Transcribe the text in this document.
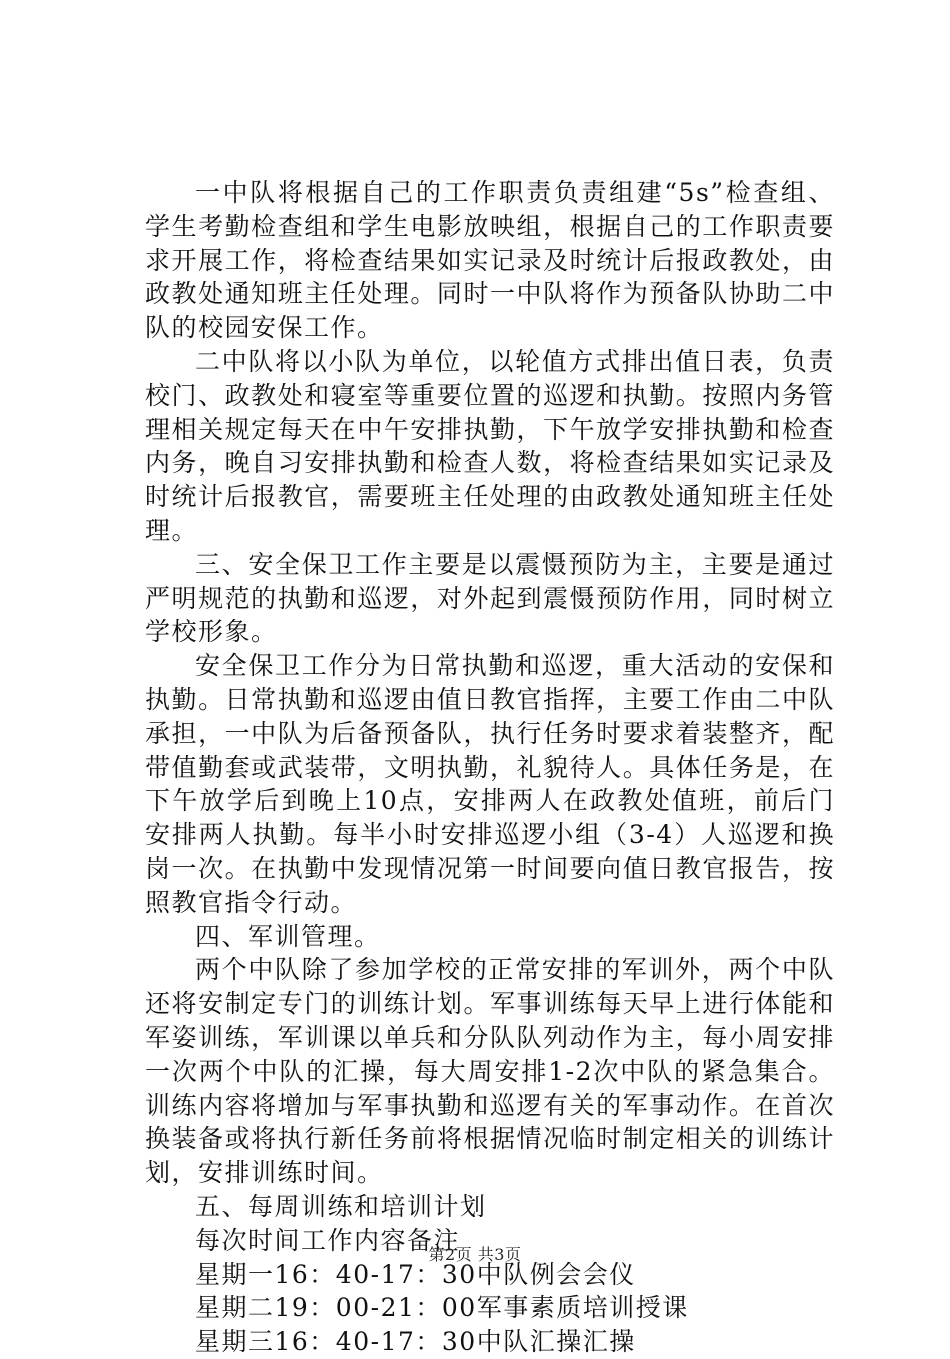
一中队将根据自己的工作职责负责组建“5s”检查组、学生考勤检查组和学生电影放映组，根据自己的工作职责要求开展工作，将检查结果如实记录及时统计后报政教处，由政教处通知班主任处理。同时一中队将作为预备队协助二中队的校园安保工作。

二中队将以小队为单位，以轮值方式排出值日表，负责校门、政教处和寝室等重要位置的巡逻和执勤。按照内务管理相关规定每天在中午安排执勤，下午放学安排执勤和检查内务，晚自习安排执勤和检查人数，将检查结果如实记录及时统计后报教官，需要班主任处理的由政教处通知班主任处理。

三、安全保卫工作主要是以震慑预防为主，主要是通过严明规范的执勤和巡逻，对外起到震慑预防作用，同时树立学校形象。

安全保卫工作分为日常执勤和巡逻，重大活动的安保和执勤。日常执勤和巡逻由值日教官指挥，主要工作由二中队承担，一中队为后备预备队，执行任务时要求着装整齐，配带值勤套或武装带，文明执勤，礼貌待人。具体任务是，在下午放学后到晚上10点，安排两人在政教处值班，前后门安排两人执勤。每半小时安排巡逻小组（3-4）人巡逻和换岗一次。在执勤中发现情况第一时间要向值日教官报告，按照教官指令行动。

四、军训管理。

两个中队除了参加学校的正常安排的军训外，两个中队还将安制定专门的训练计划。军事训练每天早上进行体能和军姿训练，军训课以单兵和分队队列动作为主，每小周安排一次两个中队的汇操，每大周安排1-2次中队的紧急集合。训练内容将增加与军事执勤和巡逻有关的军事动作。在首次换装备或将执行新任务前将根据情况临时制定相关的训练计划，安排训练时间。

五、每周训练和培训计划

每次时间工作内容备注

星期一16：40-17：30中队例会会仪

星期二19：00-21：00军事素质培训授课

星期三16：40-17：30中队汇操汇操

第2页 共3页
